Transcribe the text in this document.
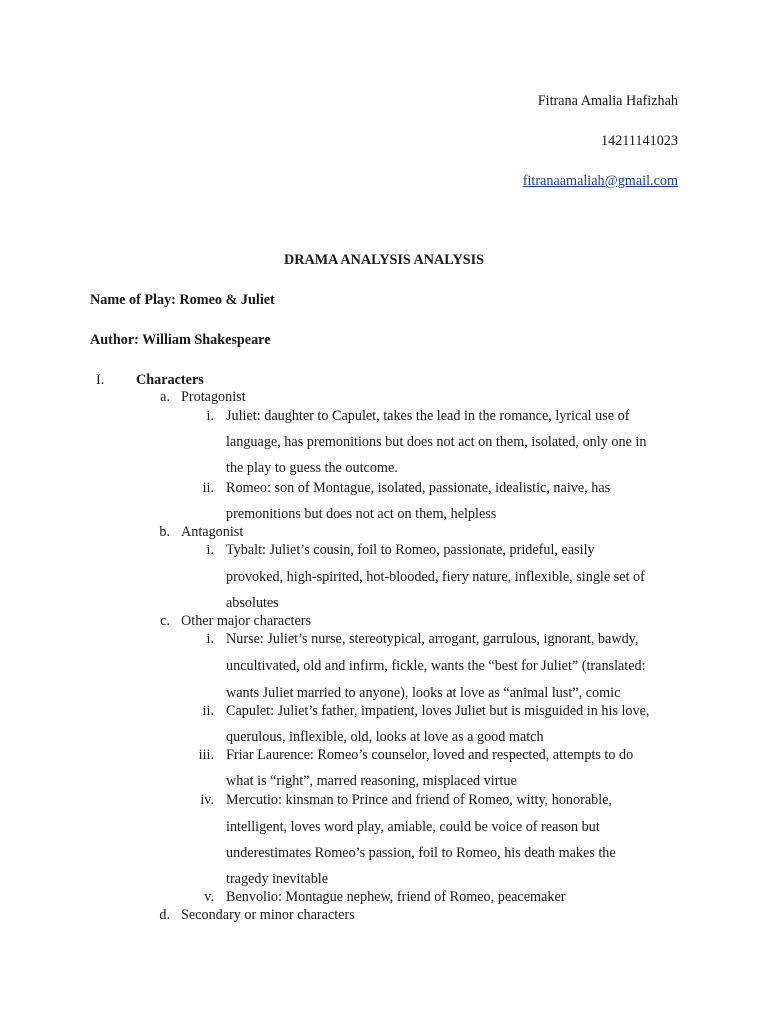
Fitrana Amalia Hafizhah
14211141023
fitranaamaliah@gmail.com
DRAMA ANALYSIS ANALYSIS
Name of Play: Romeo & Juliet
Author: William Shakespeare
I.	Characters
a. Protagonist
i. Juliet: daughter to Capulet, takes the lead in the romance, lyrical use of
language, has premonitions but does not act on them, isolated, only one in
the play to guess the outcome.
ii. Romeo: son of Montague, isolated, passionate, idealistic, naive, has
premonitions but does not act on them, helpless
b. Antagonist
i. Tybalt: Juliet’s cousin, foil to Romeo, passionate, prideful, easily
provoked, high-spirited, hot-blooded, fiery nature, inflexible, single set of
absolutes
c. Other major characters
i. Nurse: Juliet’s nurse, stereotypical, arrogant, garrulous, ignorant, bawdy,
uncultivated, old and infirm, fickle, wants the “best for Juliet” (translated:
wants Juliet married to anyone), looks at love as “animal lust”, comic
ii. Capulet: Juliet’s father, impatient, loves Juliet but is misguided in his love,
querulous, inflexible, old, looks at love as a good match
iii. Friar Laurence: Romeo’s counselor, loved and respected, attempts to do
what is “right”, marred reasoning, misplaced virtue
iv. Mercutio: kinsman to Prince and friend of Romeo, witty, honorable,
intelligent, loves word play, amiable, could be voice of reason but
underestimates Romeo’s passion, foil to Romeo, his death makes the
tragedy inevitable
v. Benvolio: Montague nephew, friend of Romeo, peacemaker
d. Secondary or minor characters
